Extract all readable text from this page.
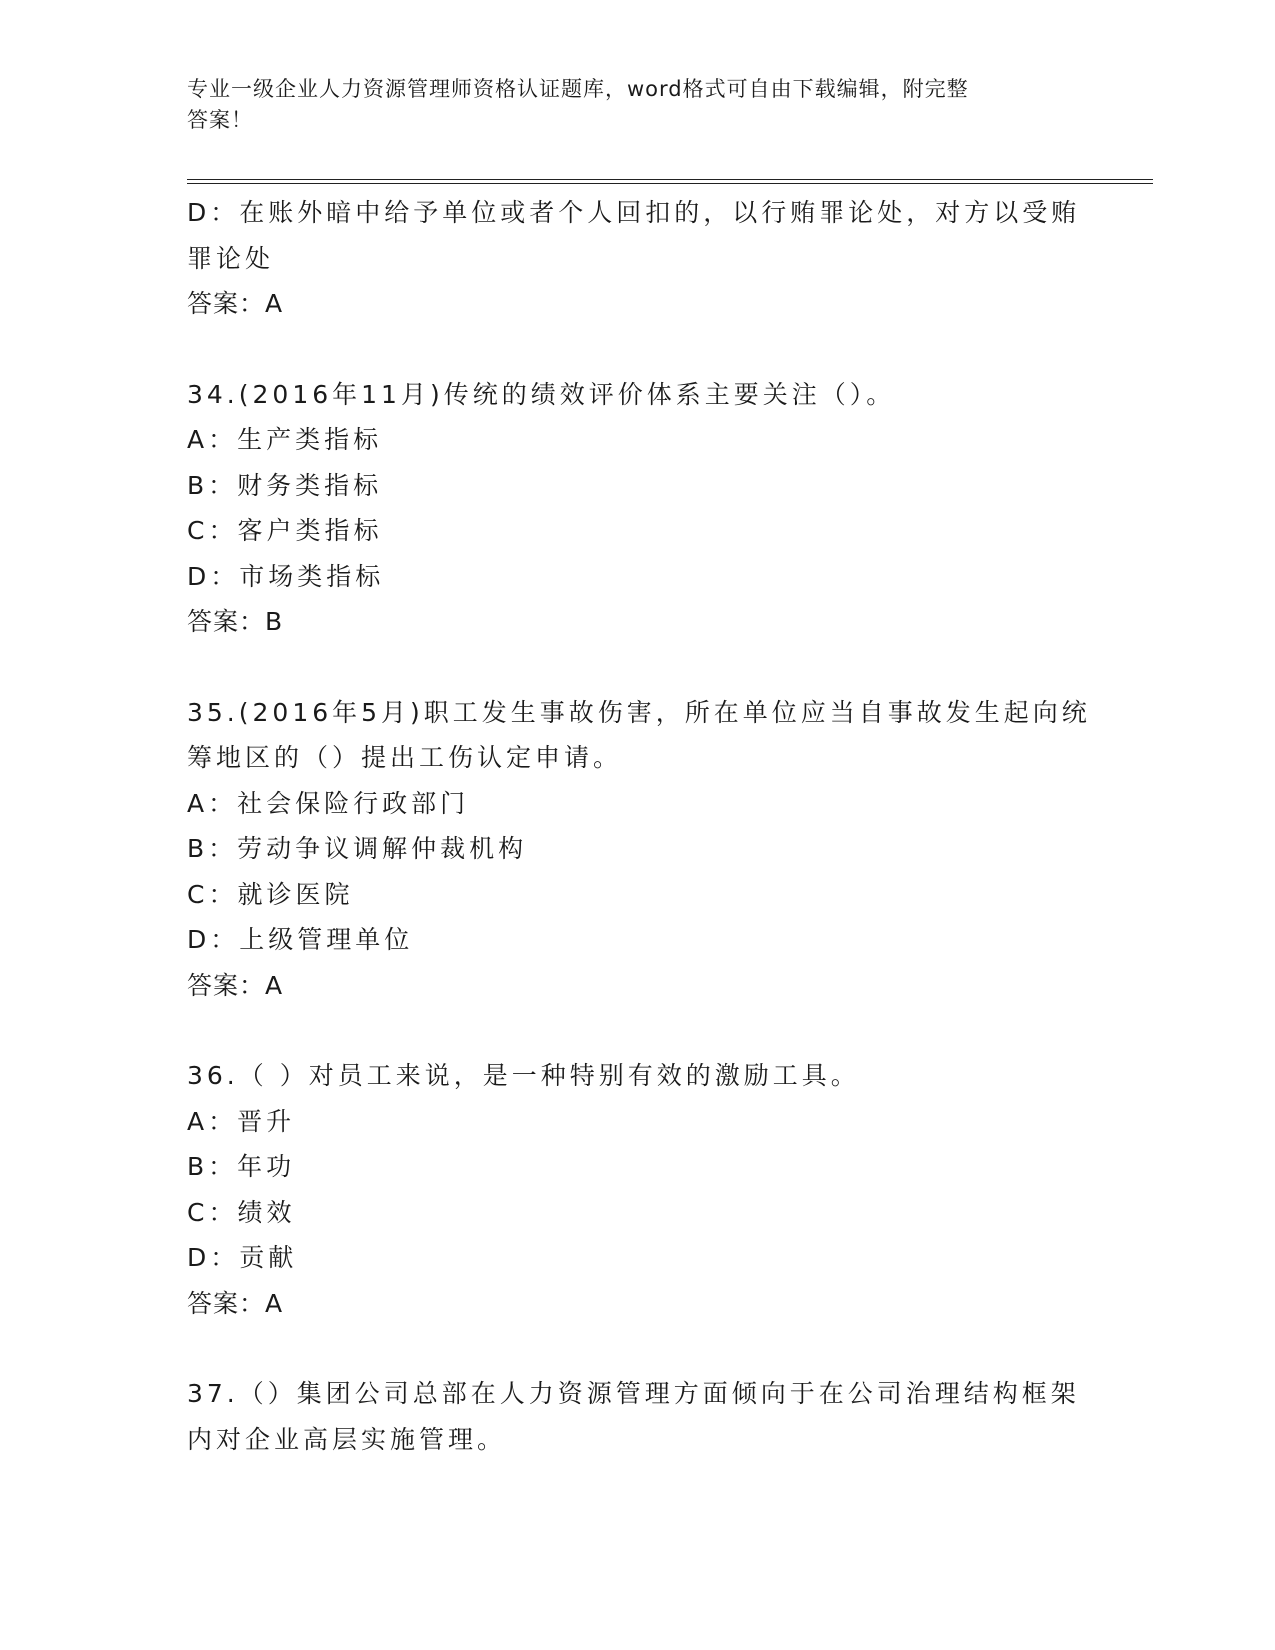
专业一级企业人力资源管理师资格认证题库，word格式可自由下载编辑，附完整
答案！
D：在账外暗中给予单位或者个人回扣的，以行贿罪论处，对方以受贿
罪论处
答案：A
34.(2016年11月)传统的绩效评价体系主要关注（）。
A：生产类指标
B：财务类指标
C：客户类指标
D：市场类指标
答案：B
35.(2016年5月)职工发生事故伤害，所在单位应当自事故发生起向统
筹地区的（）提出工伤认定申请。
A：社会保险行政部门
B：劳动争议调解仲裁机构
C：就诊医院
D：上级管理单位
答案：A
36.（ ）对员工来说，是一种特别有效的激励工具。
A：晋升
B：年功
C：绩效
D：贡献
答案：A
37.（）集团公司总部在人力资源管理方面倾向于在公司治理结构框架
内对企业高层实施管理。
